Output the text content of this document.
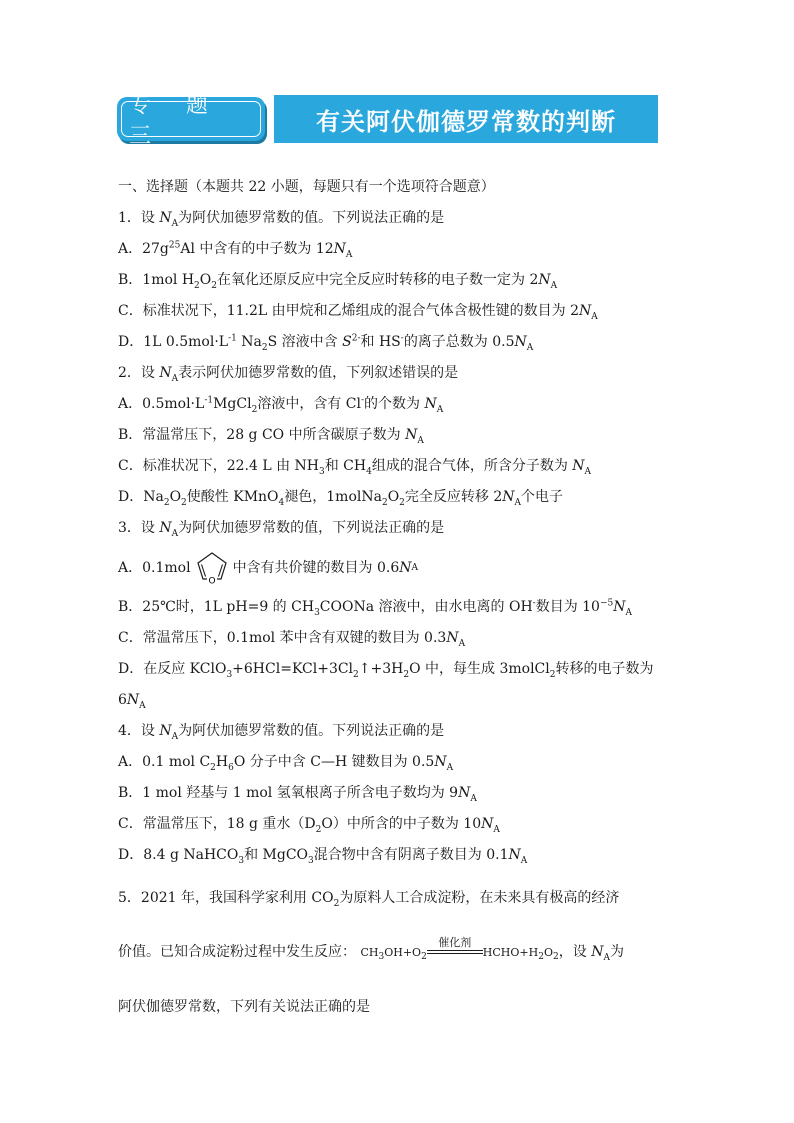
专 题 三
有关阿伏伽德罗常数的判断
一、选择题（本题共 22 小题，每题只有一个选项符合题意）
1．设 $N_A$为阿伏加德罗常数的值。下列说法正确的是
A．$27g^{25}Al$ 中含有的中子数为 $12N_A$
B．1mol $H_2O_2$在氧化还原反应中完全反应时转移的电子数一定为 $2N_A$
C．标准状况下，11.2L 由甲烷和乙烯组成的混合气体含极性键的数目为 $2N_A$
D．1L $0.5mol\cdot L^{-1}$ $Na_2S$ 溶液中含 $S^{2-}$和 HS-的离子总数为 $0.5N_A$
2．设 $N_A$表示阿伏加德罗常数的值，下列叙述错误的是
A．$0.5mol\cdot L^{-1}MgCl_2$溶液中，含有 Cl-的个数为 $N_A$
B．常温常压下，28 g CO 中所含碳原子数为 $N_A$
C．标准状况下，22.4 L 由 $NH_3$和 $CH_4$组成的混合气体，所含分子数为 $N_A$
D．$Na_2O_2$使酸性 KMnO$_4$褪色，$1molNa_2O_2$完全反应转移 $2N_A$个电子
3．设 $N_A$为阿伏加德罗常数的值，下列说法正确的是
A．0.1mol
O
中含有共价键的数目为 0.6 N A
B．25℃时，1L pH=9 的 $CH_3COONa$ 溶液中，由水电离的 OH-数目为 $10^{-5}N_A$
C．常温常压下，0.1mol 苯中含有双键的数目为 $0.3N_A$
D．在反应 $KClO_3+6HCl=KCl+3Cl_2↑+3H_2O$ 中，每生成 3molCl$_2$转移的电子数为
$6N_A$
4．设 $N_A$为阿伏加德罗常数的值。下列说法正确的是
A．0.1 mol $C_2H_6O$ 分子中含 C—H 键数目为 $0.5N_A$
B．1 mol 羟基与 1 mol 氢氧根离子所含电子数均为 $9N_A$
C．常温常压下，18 g 重水$(D_2O)$中所含的中子数为 $10N_A$
D．8.4 g NaHCO$_3$和 MgCO$_3$混合物中含有阴离子数目为 $0.1N_A$
5．2021 年，我国科学家利用 $CO_2$为原料人工合成淀粉，在未来具有极高的经济
价值。已知合成淀粉过程中发生反应： $CH_3OH+O_2$
催化剂

$HCHO+H_2O_2$，设 $N_A$为
阿伏伽德罗常数，下列有关说法正确的是
